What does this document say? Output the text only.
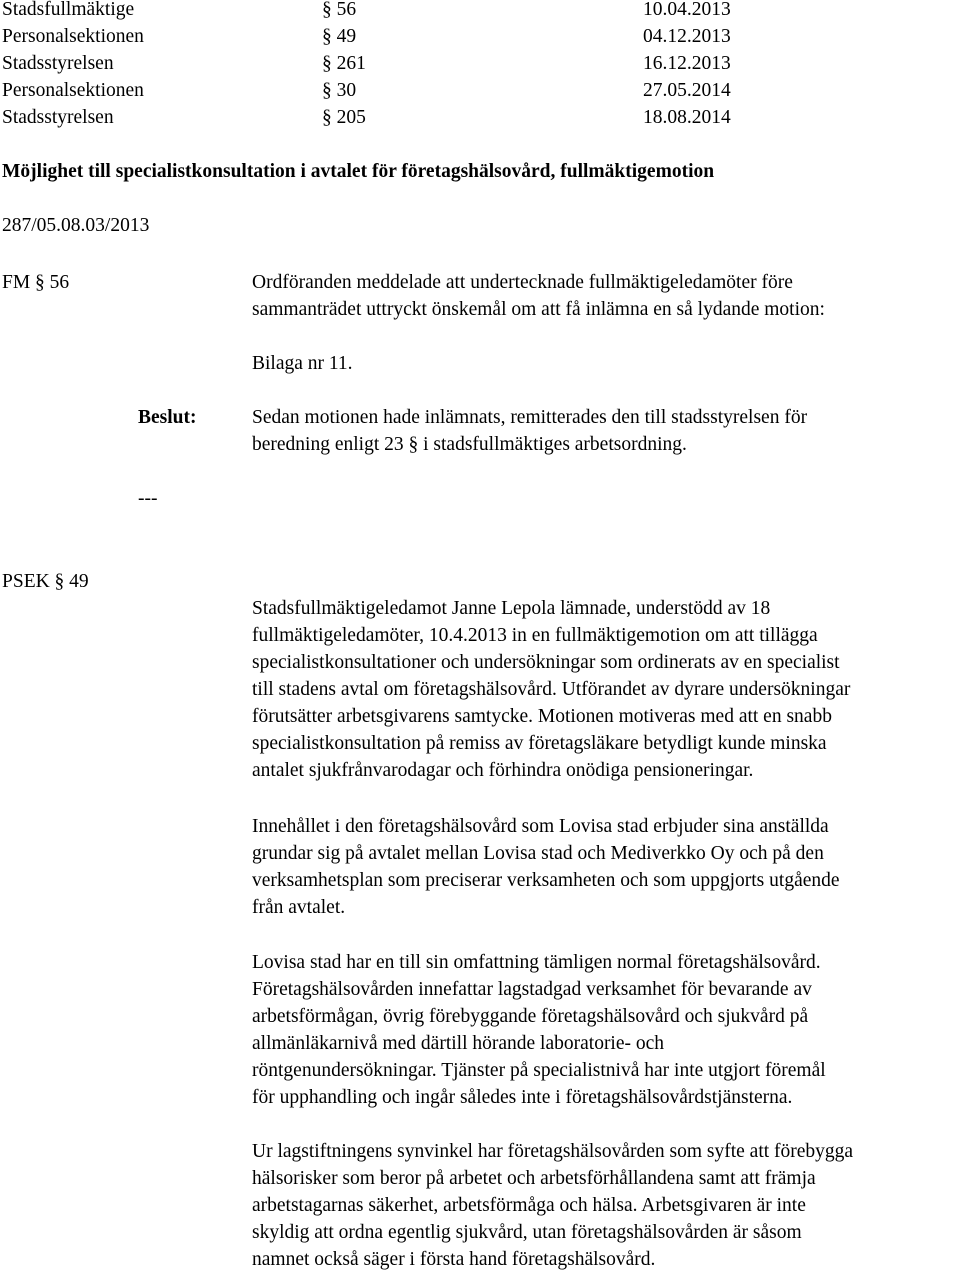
Stadsfullmäktige	§ 56	10.04.2013
Personalsektionen	§ 49	04.12.2013
Stadsstyrelsen	§ 261	16.12.2013
Personalsektionen	§ 30	27.05.2014
Stadsstyrelsen	§ 205	18.08.2014
Möjlighet till specialistkonsultation i avtalet för företagshälsovård, fullmäktigemotion
287/05.08.03/2013
FM § 56	Ordföranden meddelade att undertecknade fullmäktigeledamöter före
sammanträdet uttryckt önskemål om att få inlämna en så lydande motion:
Bilaga nr 11.
Beslut:	Sedan motionen hade inlämnats, remitterades den till stadsstyrelsen för
beredning enligt 23 § i stadsfullmäktiges arbetsordning.
---
PSEK § 49
Stadsfullmäktigeledamot Janne Lepola lämnade, understödd av 18
fullmäktigeledamöter, 10.4.2013 in en fullmäktigemotion om att tillägga
specialistkonsultationer och undersökningar som ordinerats av en specialist
till stadens avtal om företagshälsovård. Utförandet av dyrare undersökningar
förutsätter arbetsgivarens samtycke. Motionen motiveras med att en snabb
specialistkonsultation på remiss av företagsläkare betydligt kunde minska
antalet sjukfrånvarodagar och förhindra onödiga pensioneringar.
Innehållet i den företagshälsovård som Lovisa stad erbjuder sina anställda
grundar sig på avtalet mellan Lovisa stad och Mediverkko Oy och på den
verksamhetsplan som preciserar verksamheten och som uppgjorts utgående
från avtalet.
Lovisa stad har en till sin omfattning tämligen normal företagshälsovård.
Företagshälsovården innefattar lagstadgad verksamhet för bevarande av
arbetsförmågan, övrig förebyggande företagshälsovård och sjukvård på
allmänläkarnivå med därtill hörande laboratorie- och
röntgenundersökningar. Tjänster på specialistnivå har inte utgjort föremål
för upphandling och ingår således inte i företagshälsovårdstjänsterna.
Ur lagstiftningens synvinkel har företagshälsovården som syfte att förebygga
hälsorisker som beror på arbetet och arbetsförhållandena samt att främja
arbetstagarnas säkerhet, arbetsförmåga och hälsa. Arbetsgivaren är inte
skyldig att ordna egentlig sjukvård, utan företagshälsovården är såsom
namnet också säger i första hand företagshälsovård.
